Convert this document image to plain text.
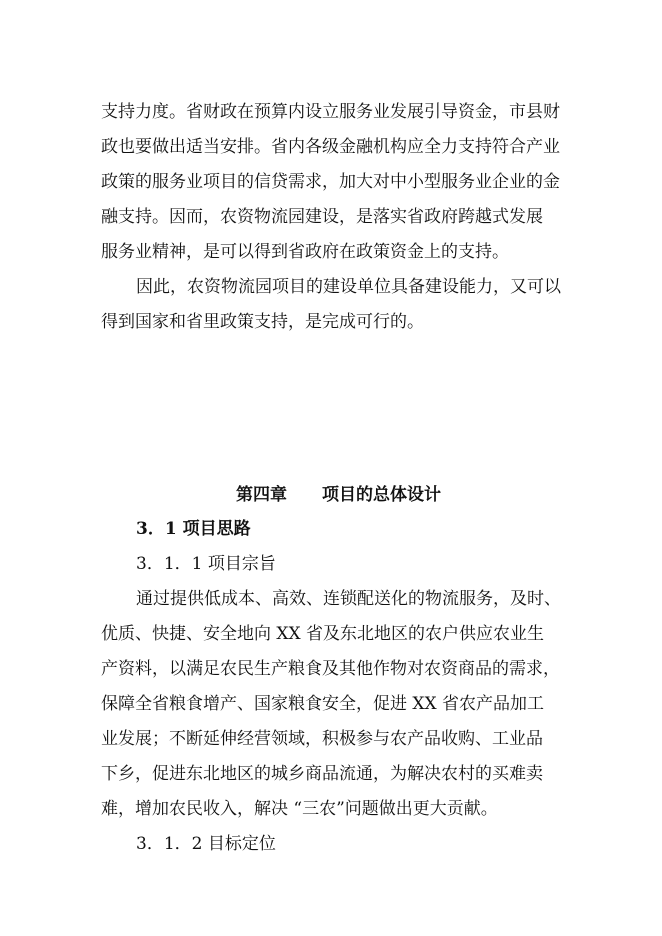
支持力度。省财政在预算内设立服务业发展引导资金，市县财
政也要做出适当安排。省内各级金融机构应全力支持符合产业
政策的服务业项目的信贷需求，加大对中小型服务业企业的金
融支持。因而，农资物流园建设，是落实省政府跨越式发展
服务业精神，是可以得到省政府在政策资金上的支持。
因此，农资物流园项目的建设单位具备建设能力，又可以
得到国家和省里政策支持，是完成可行的。
第四章 项目的总体设计
3．1 项目思路
3．1．1 项目宗旨
通过提供低成本、高效、连锁配送化的物流服务，及时、
优质、快捷、安全地向 XX 省及东北地区的农户供应农业生
产资料，以满足农民生产粮食及其他作物对农资商品的需求，
保障全省粮食增产、国家粮食安全，促进 XX 省农产品加工
业发展；不断延伸经营领域，积极参与农产品收购、工业品
下乡，促进东北地区的城乡商品流通，为解决农村的买难卖
难，增加农民收入，解决 “三农”问题做出更大贡献。
3．1．2 目标定位
